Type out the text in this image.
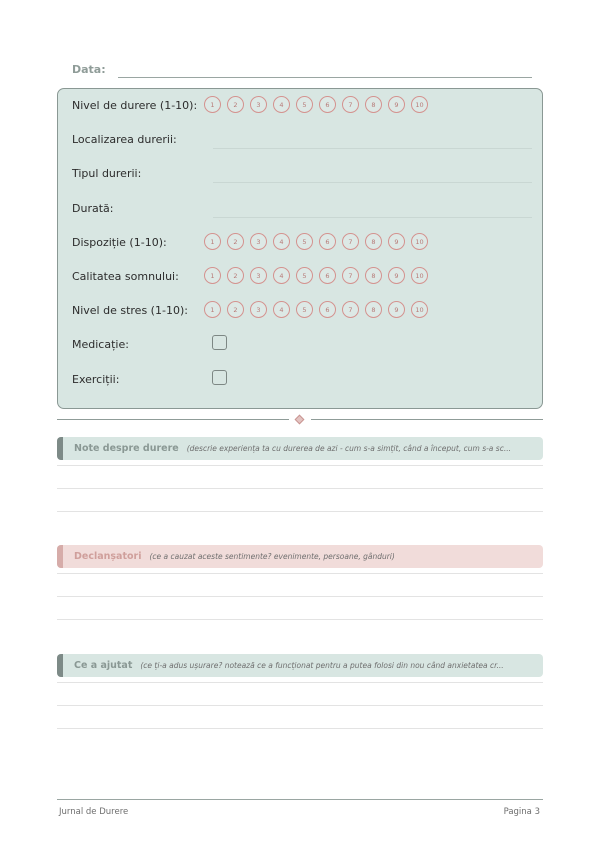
Data:
Nivel de durere (1-10):	1	2	3	4	5	6	7	8	9	10
Localizarea durerii:
Tipul durerii:
Durată:
Dispoziție (1-10):	1	2	3	4	5	6	7	8	9	10
Calitatea somnului:	1	2	3	4	5	6	7	8	9	10
Nivel de stres (1-10):	1	2	3	4	5	6	7	8	9	10
Medicație:
Exerciții:
Note despre durere (descrie experiența ta cu durerea de azi - cum s-a simțit, când a început, cum s-a sc...
Declanșatori (ce a cauzat aceste sentimente? evenimente, persoane, gânduri)
Ce a ajutat (ce ți-a adus ușurare? notează ce a funcționat pentru a putea folosi din nou când anxietatea cr...
Jurnal de Durere	Pagina 3
